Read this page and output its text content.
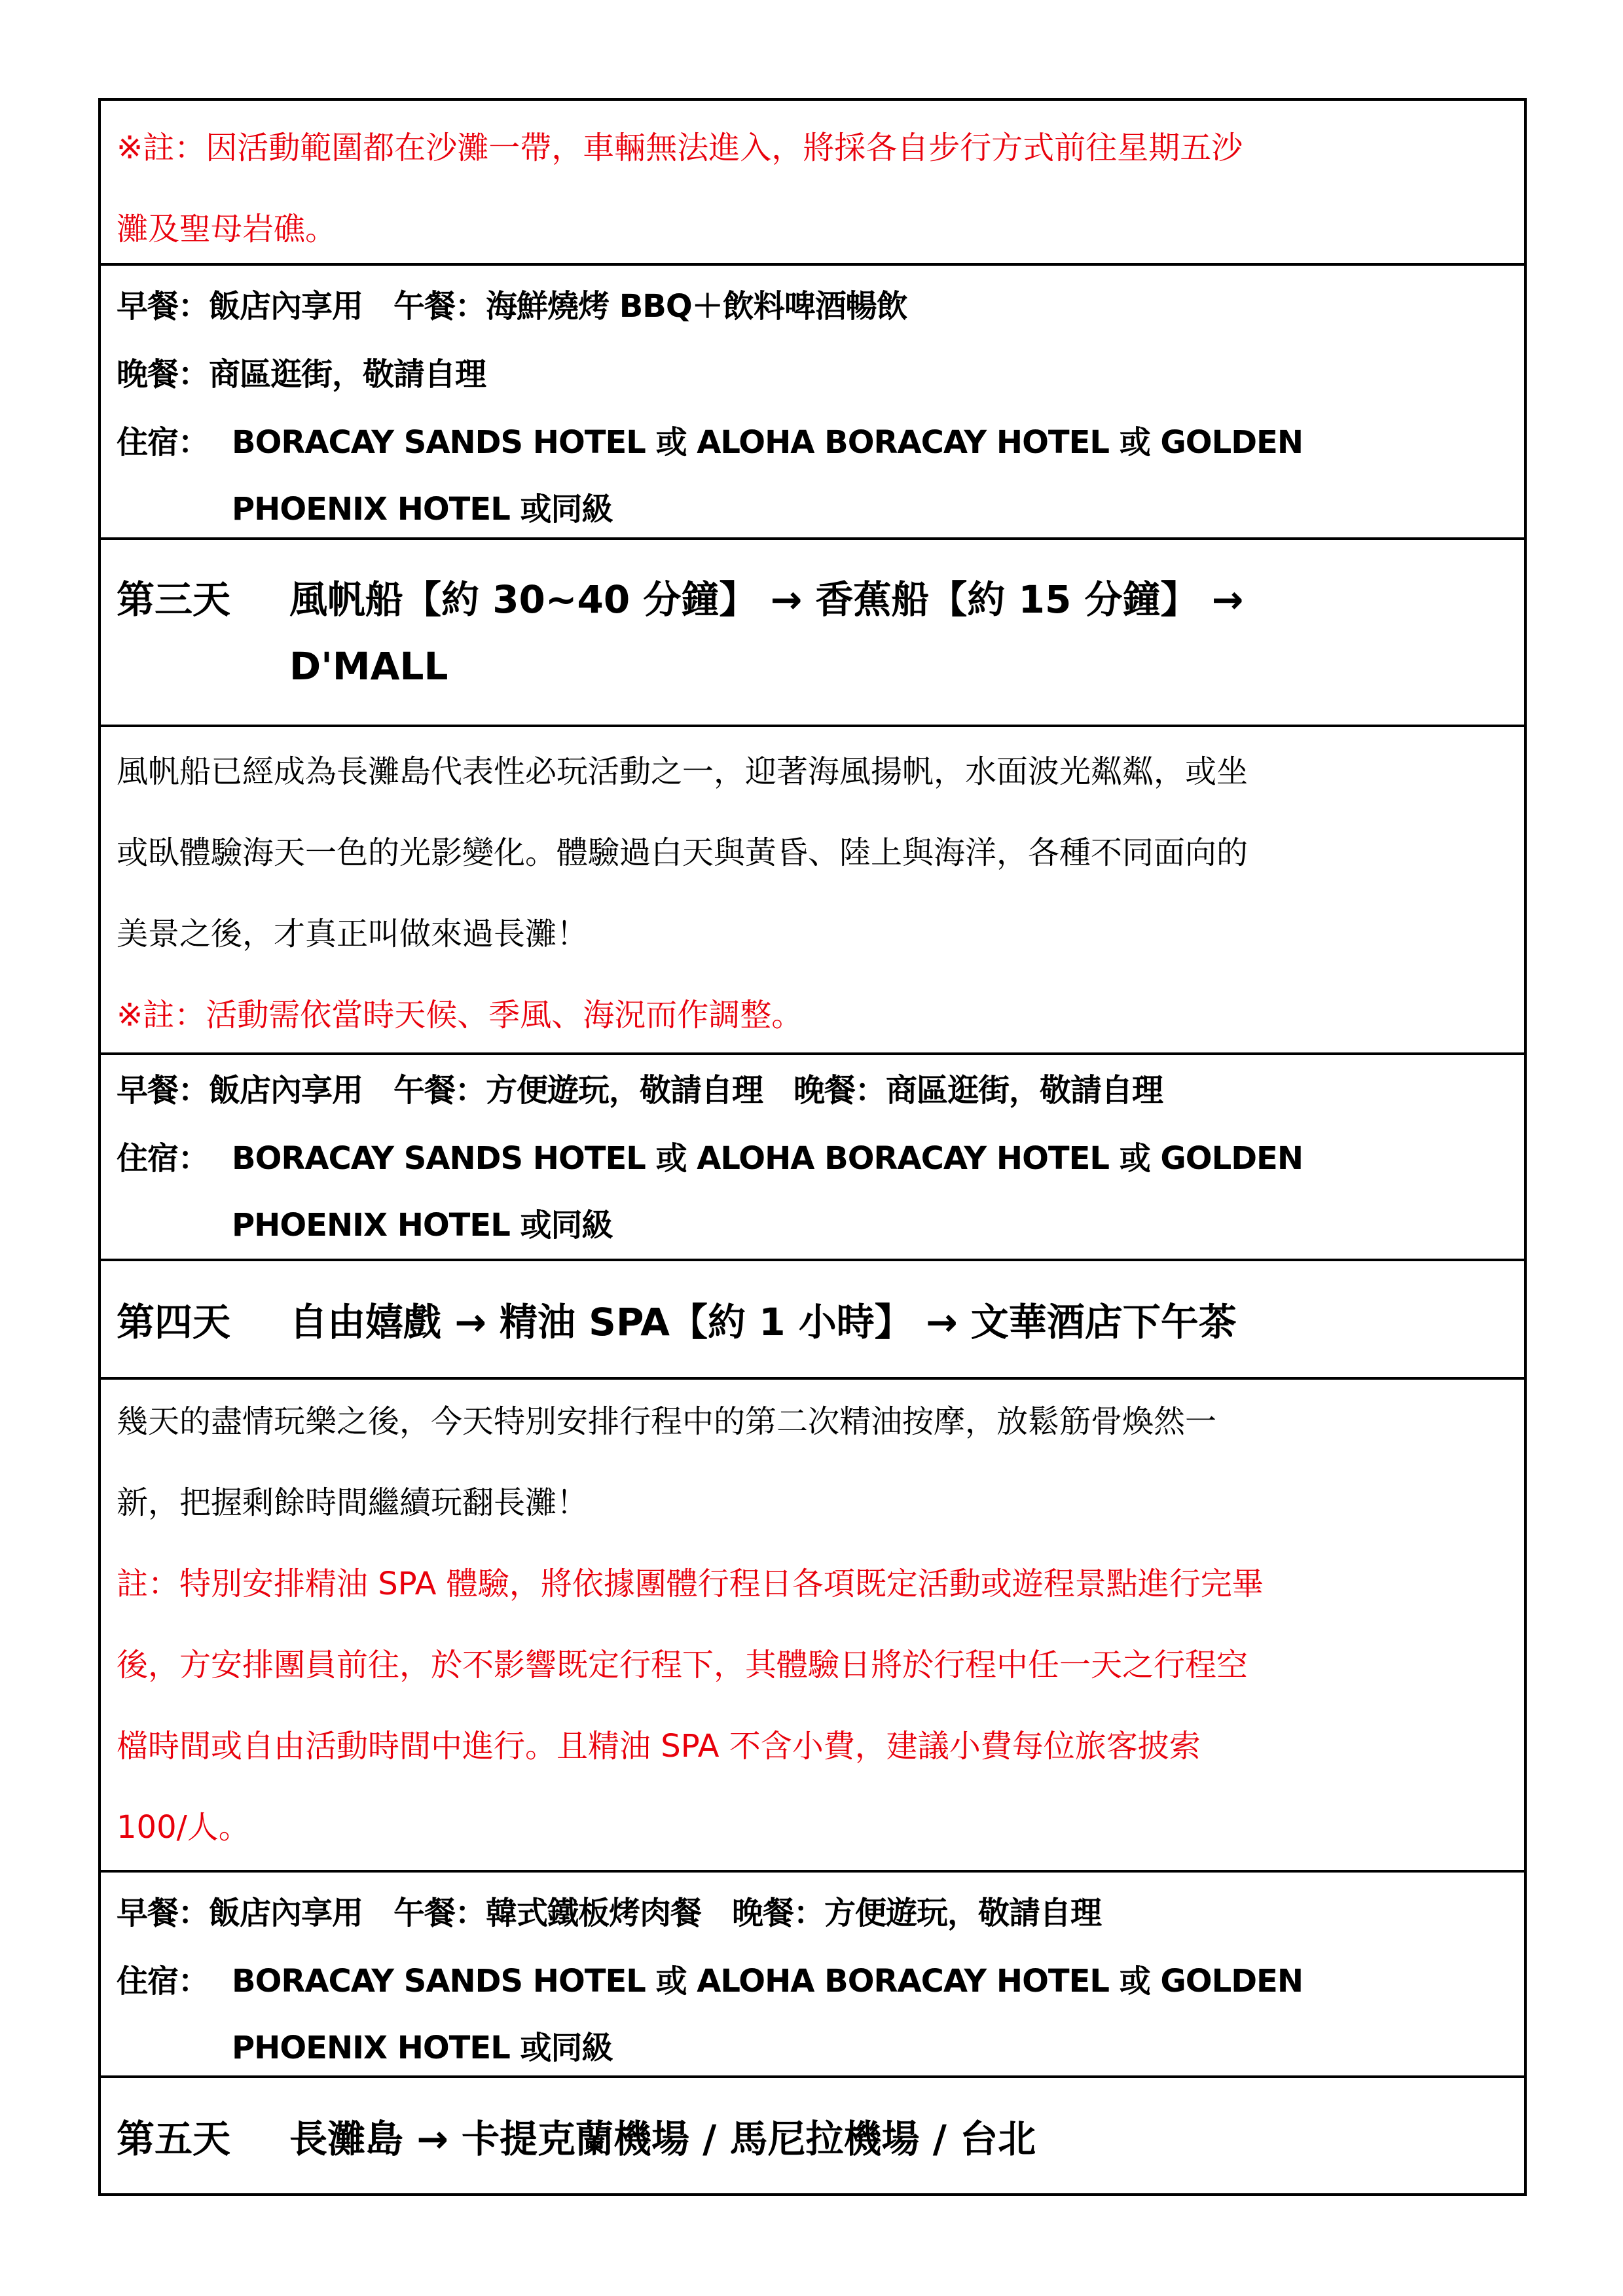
※註：因活動範圍都在沙灘一帶，車輛無法進入，將採各自步行方式前往星期五沙
灘及聖母岩礁。
早餐：飯店內享用　午餐：海鮮燒烤 BBQ＋飲料啤酒暢飲
晚餐：商區逛街，敬請自理
住宿： BORACAY SANDS HOTEL 或 ALOHA BORACAY HOTEL 或 GOLDEN
PHOENIX HOTEL 或同級
第三天 風帆船【約 30~40 分鐘】 → 香蕉船【約 15 分鐘】 →
D'MALL
風帆船已經成為長灘島代表性必玩活動之一，迎著海風揚帆，水面波光粼粼，或坐
或臥體驗海天一色的光影變化。體驗過白天與黃昏、陸上與海洋，各種不同面向的
美景之後，才真正叫做來過長灘！
※註：活動需依當時天候、季風、海況而作調整。
早餐：飯店內享用　午餐：方便遊玩，敬請自理　晚餐：商區逛街，敬請自理
住宿： BORACAY SANDS HOTEL 或 ALOHA BORACAY HOTEL 或 GOLDEN
PHOENIX HOTEL 或同級
第四天 自由嬉戲 → 精油 SPA【約 1 小時】 → 文華酒店下午茶
幾天的盡情玩樂之後，今天特別安排行程中的第二次精油按摩，放鬆筋骨煥然一
新，把握剩餘時間繼續玩翻長灘！
註：特別安排精油 SPA 體驗，將依據團體行程日各項既定活動或遊程景點進行完畢
後，方安排團員前往，於不影響既定行程下，其體驗日將於行程中任一天之行程空
檔時間或自由活動時間中進行。且精油 SPA 不含小費，建議小費每位旅客披索
100/人。
早餐：飯店內享用　午餐：韓式鐵板烤肉餐　晚餐：方便遊玩，敬請自理
住宿： BORACAY SANDS HOTEL 或 ALOHA BORACAY HOTEL 或 GOLDEN
PHOENIX HOTEL 或同級
第五天 長灘島 → 卡提克蘭機場 / 馬尼拉機場 / 台北
